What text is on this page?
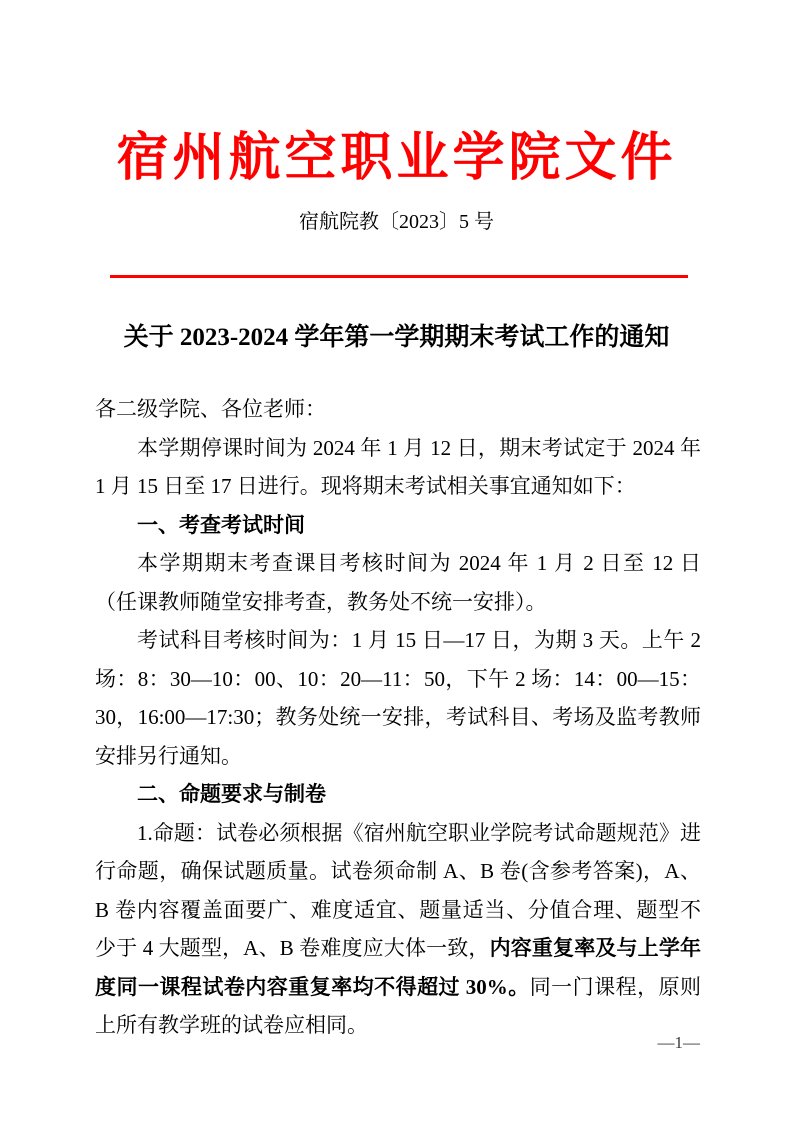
宿州航空职业学院文件
宿航院教〔2023〕5 号
关于 2023-2024 学年第一学期期末考试工作的通知

各二级学院、各位老师：

本学期停课时间为 2024 年 1 月 12 日，期末考试定于 2024 年 1 月 15 日至 17 日进行。现将期末考试相关事宜通知如下：

一、考查考试时间

本学期期末考查课目考核时间为 2024 年 1 月 2 日至 12 日（任课教师随堂安排考查，教务处不统一安排）。

考试科目考核时间为：1 月 15 日—17 日，为期 3 天。上午 2 场：8：30—10：00、10：20—11：50，下午 2 场：14：00—15：30，16:00—17:30；教务处统一安排，考试科目、考场及监考教师安排另行通知。

二、命题要求与制卷

1.命题：试卷必须根据《宿州航空职业学院考试命题规范》进行命题，确保试题质量。试卷须命制 A、B 卷(含参考答案)，A、B 卷内容覆盖面要广、难度适宜、题量适当、分值合理、题型不少于 4 大题型，A、B 卷难度应大体一致，内容重复率及与上学年度同一课程试卷内容重复率均不得超过 30%。同一门课程，原则上所有教学班的试卷应相同。

—1—
